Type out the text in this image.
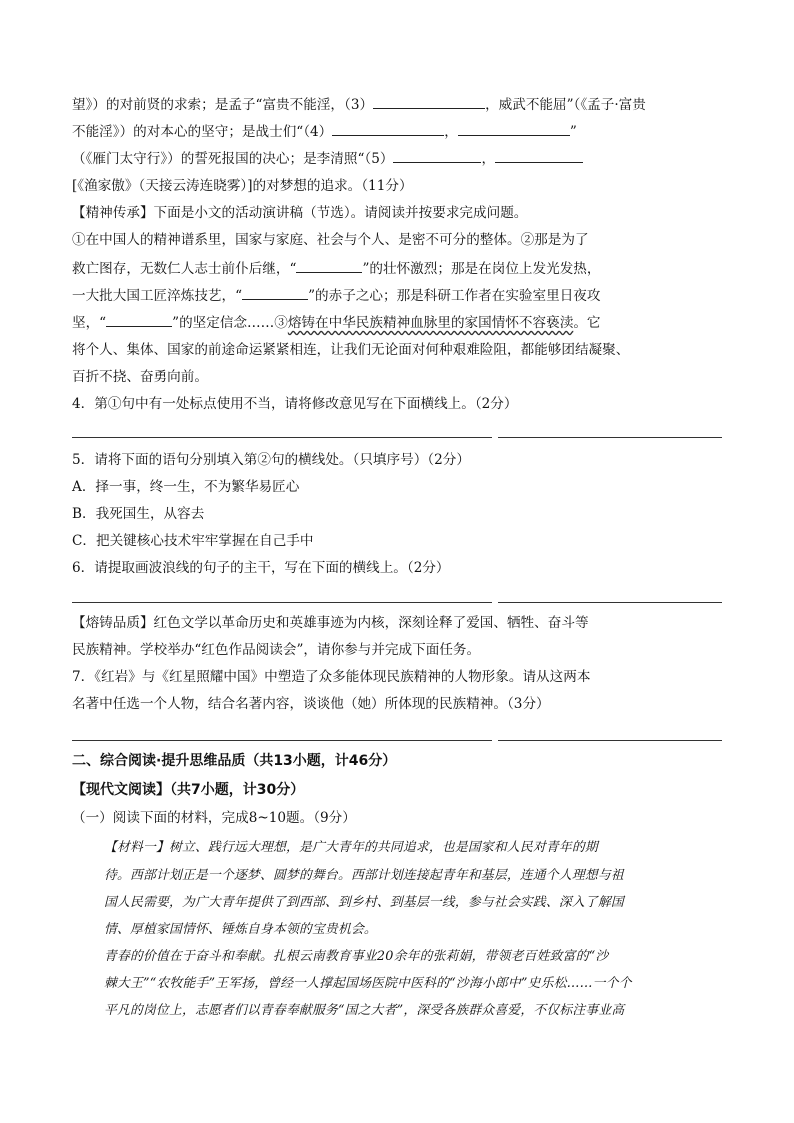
望》）的对前贤的求索；是孟子“富贵不能淫，（3）	，威武不能屈”（《孟子·富贵
不能淫》）的对本心的坚守；是战士们“（4）	，	”
（《雁门太守行》）的誓死报国的决心；是李清照“（5）	，
[《渔家傲》（天接云涛连晓雾）]的对梦想的追求。（11分）
【精神传承】下面是小文的活动演讲稿（节选）。请阅读并按要求完成问题。
①在中国人的精神谱系里，国家与家庭、社会与个人、是密不可分的整体。②那是为了
救亡图存，无数仁人志士前仆后继，“	”的壮怀激烈；那是在岗位上发光发热，
一大批大国工匠淬炼技艺，“	”的赤子之心；那是科研工作者在实验室里日夜攻
坚，“	”的坚定信念……③熔铸在中华民族精神血脉里的家国情怀不容亵渎。它
将个人、集体、国家的前途命运紧紧相连，让我们无论面对何种艰难险阻，都能够团结凝聚、
百折不挠、奋勇向前。
4．第①句中有一处标点使用不当，请将修改意见写在下面横线上。（2分）
5．请将下面的语句分别填入第②句的横线处。（只填序号）（2分）
A．择一事，终一生，不为繁华易匠心
B．我死国生，从容去
C．把关键核心技术牢牢掌握在自己手中
6．请提取画波浪线的句子的主干，写在下面的横线上。（2分）
【熔铸品质】红色文学以革命历史和英雄事迹为内核，深刻诠释了爱国、牺牲、奋斗等
民族精神。学校举办“红色作品阅读会”，请你参与并完成下面任务。
7．《红岩》与《红星照耀中国》中塑造了众多能体现民族精神的人物形象。请从这两本
名著中任选一个人物，结合名著内容，谈谈他（她）所体现的民族精神。（3分）
二、综合阅读·提升思维品质（共13小题，计46分）
【现代文阅读】（共7小题，计30分）
（一）阅读下面的材料，完成8~10题。（9分）
【材料一】树立、践行远大理想，是广大青年的共同追求，也是国家和人民对青年的期
待。西部计划正是一个逐梦、圆梦的舞台。西部计划连接起青年和基层，连通个人理想与祖
国人民需要，为广大青年提供了到西部、到乡村、到基层一线，参与社会实践、深入了解国
情、厚植家国情怀、锤炼自身本领的宝贵机会。
青春的价值在于奋斗和奉献。扎根云南教育事业20余年的张莉娟，带领老百姓致富的“沙
棘大王”“农牧能手”王军扬，曾经一人撑起国场医院中医科的“沙海小郎中”史乐松……一个个
平凡的岗位上，志愿者们以青春奉献服务“国之大者”，深受各族群众喜爱，不仅标注事业高
